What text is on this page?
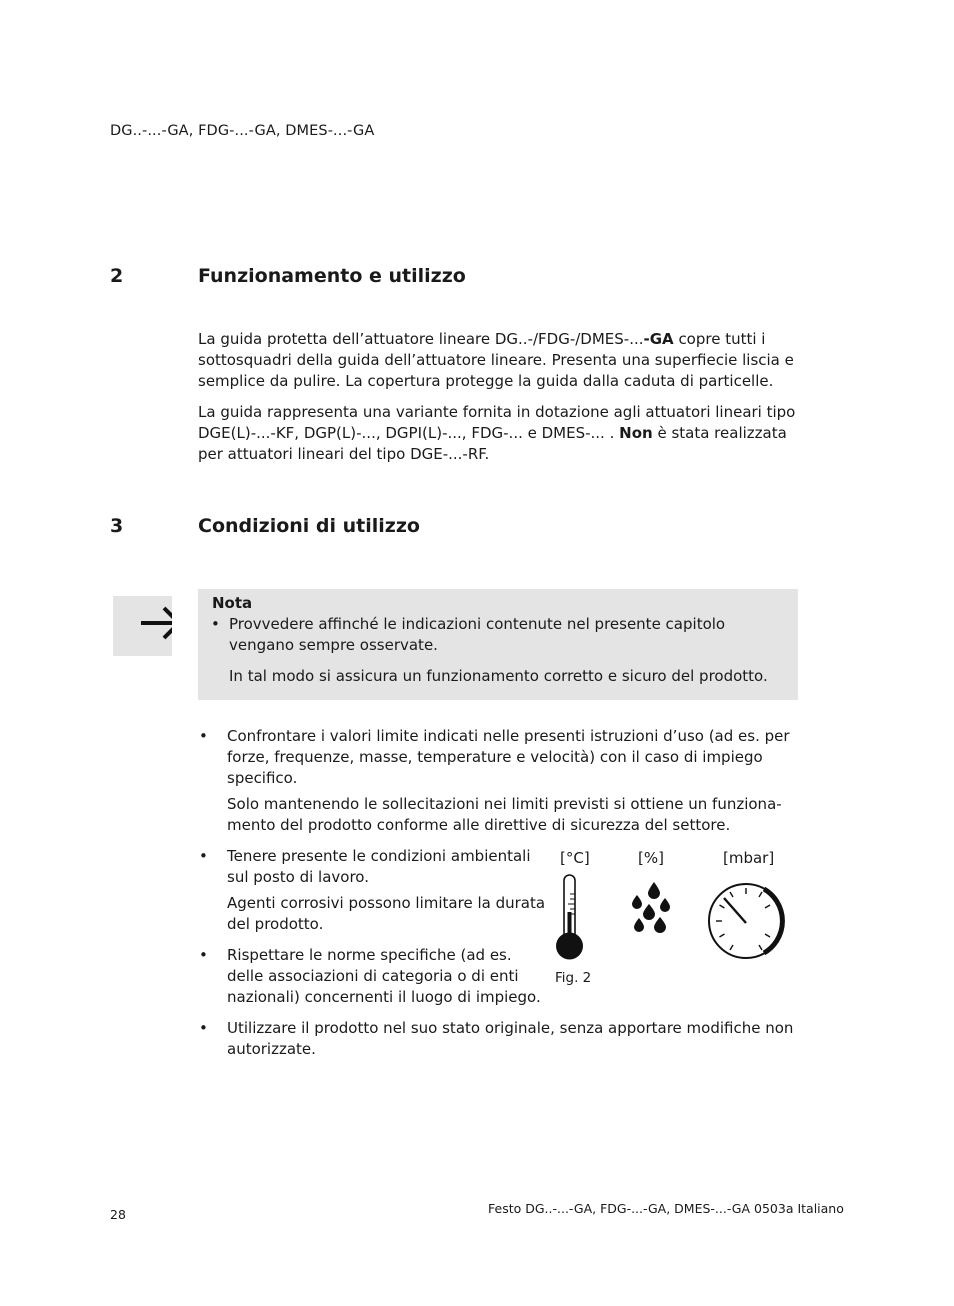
DG..-...-GA, FDG-...-GA, DMES-...-GA
2	Funzionamento e utilizzo
La guida protetta dell’attuatore lineare DG..-/FDG-/DMES-...-GA copre tutti i sottosquadri della guida dell’attuatore lineare. Presenta una superfiecie liscia e semplice da pulire. La copertura protegge la guida dalla caduta di particelle.
La guida rappresenta una variante fornita in dotazione agli attuatori lineari tipo DGE(L)-...-KF, DGP(L)-..., DGPI(L)-..., FDG-... e DMES-... . Non è stata realizzata per attuatori lineari del tipo DGE-...-RF.
3	Condizioni di utilizzo
Nota
• Provvedere affinché le indicazioni contenute nel presente capitolo vengano sempre osservate.
In tal modo si assicura un funzionamento corretto e sicuro del prodotto.
• Confrontare i valori limite indicati nelle presenti istruzioni d’uso (ad es. per forze, frequenze, masse, temperature e velocità) con il caso di impiego specifico.
Solo mantenendo le sollecitazioni nei limiti previsti si ottiene un funzionamento del prodotto conforme alle direttive di sicurezza del settore.
• Tenere presente le condizioni ambientali sul posto di lavoro.
Agenti corrosivi possono limitare la durata del prodotto.
• Rispettare le norme specifiche (ad es. delle associazioni di categoria o di enti nazionali) concernenti il luogo di impiego.
• Utilizzare il prodotto nel suo stato originale, senza apportare modifiche non autorizzate.
[°C]	[%]	[mbar]
Fig. 2
28	Festo DG..-...-GA, FDG-...-GA, DMES-...-GA 0503a Italiano
